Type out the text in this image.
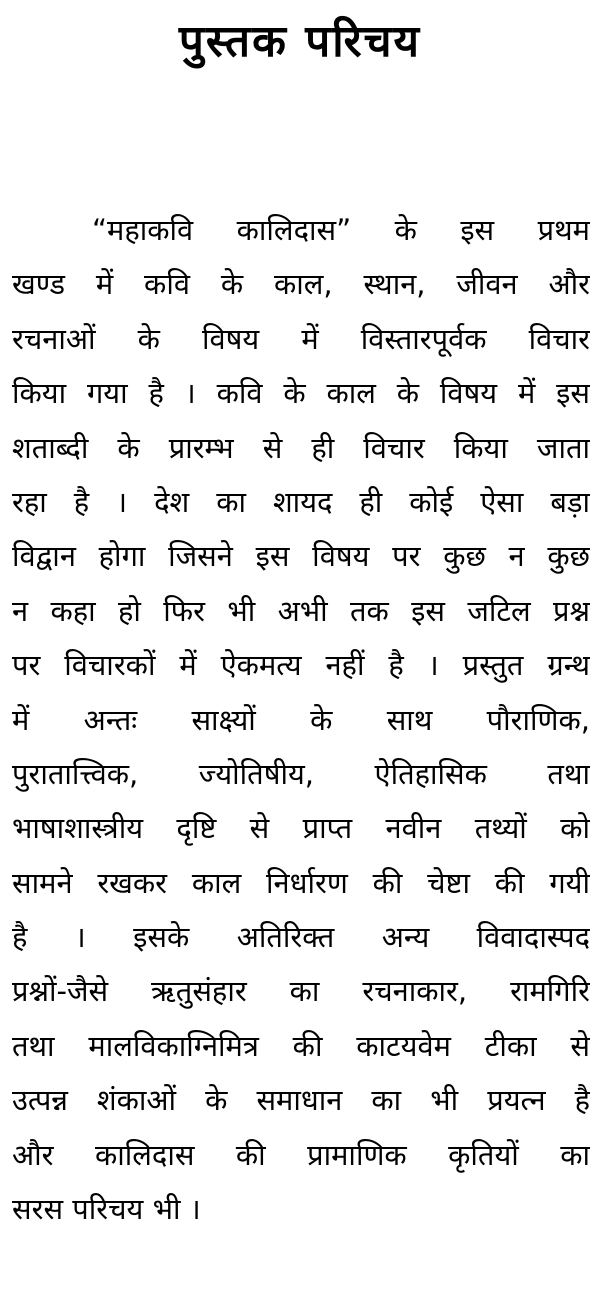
पुस्तक परिचय
“महाकवि कालिदास” के इस प्रथम
खण्ड में कवि के काल, स्थान, जीवन और
रचनाओं के विषय में विस्तारपूर्वक विचार
किया गया है । कवि के काल के विषय में इस
शताब्दी के प्रारम्भ से ही विचार किया जाता
रहा है । देश का शायद ही कोई ऐसा बड़ा
विद्वान होगा जिसने इस विषय पर कुछ न कुछ
न कहा हो फिर भी अभी तक इस जटिल प्रश्न
पर विचारकों में ऐकमत्य नहीं है । प्रस्तुत ग्रन्थ
में अन्तः साक्ष्यों के साथ पौराणिक,
पुरातात्त्विक, ज्योतिषीय, ऐतिहासिक तथा
भाषाशास्त्रीय दृष्टि से प्राप्त नवीन तथ्यों को
सामने रखकर काल निर्धारण की चेष्टा की गयी
है । इसके अतिरिक्त अन्य विवादास्पद
प्रश्नों-जैसे ऋतुसंहार का रचनाकार, रामगिरि
तथा मालविकाग्निमित्र की काटयवेम टीका से
उत्पन्न शंकाओं के समाधान का भी प्रयत्न है
और कालिदास की प्रामाणिक कृतियों का
सरस परिचय भी ।
